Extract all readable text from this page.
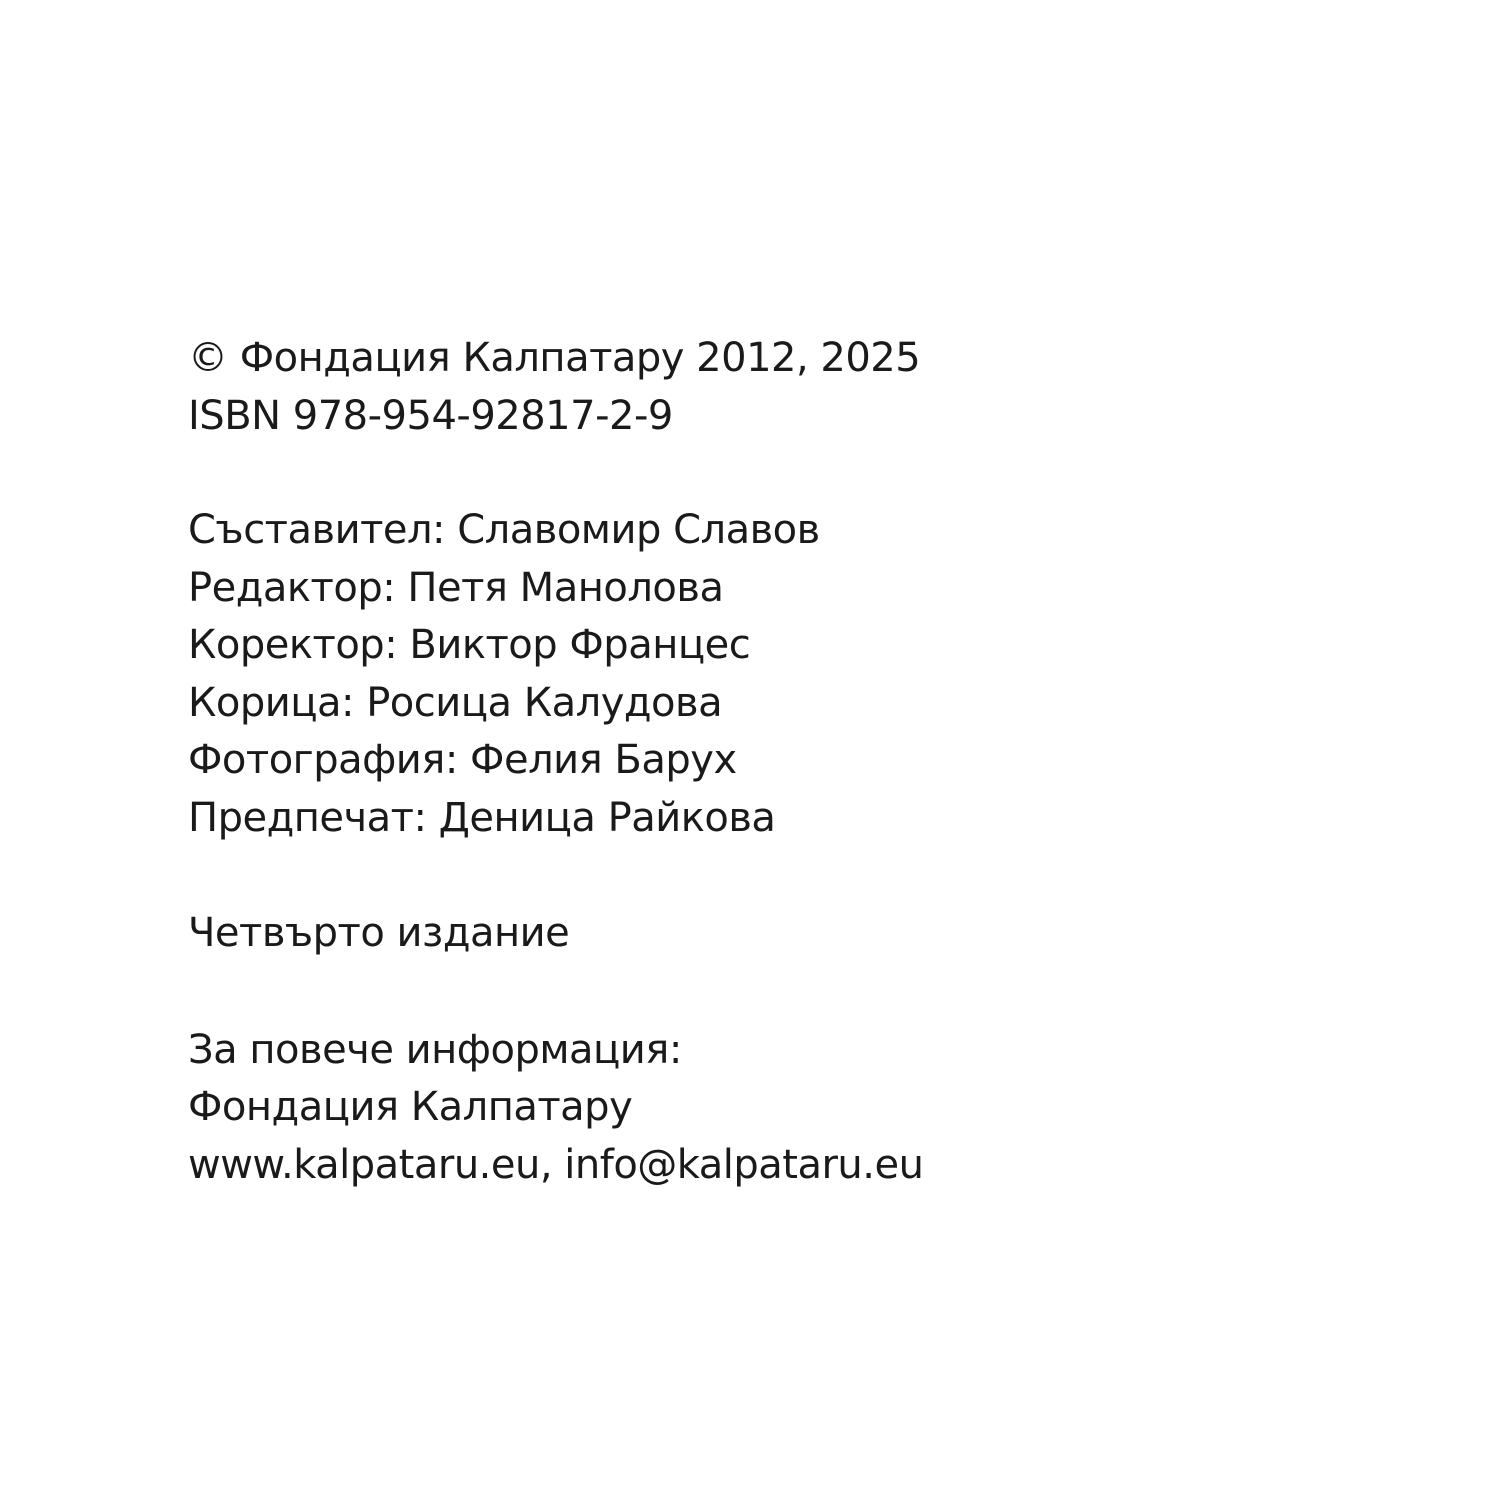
© Фондация Калпатару 2012, 2025
ISBN 978-954-92817-2-9
Съставител: Славомир Славов
Редактор: Петя Манолова
Коректор: Виктор Францес
Корица: Росица Калудова
Фотография: Фелия Барух
Предпечат: Деница Райкова
Четвърто издание
За повече информация:
Фондация Калпатару
www.kalpataru.eu, info@kalpataru.eu
